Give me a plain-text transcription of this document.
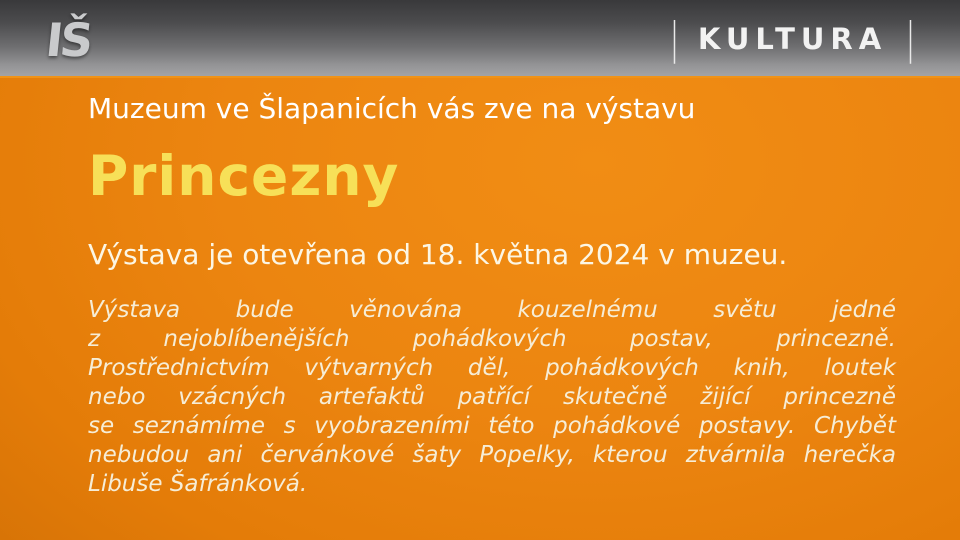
IŠ	| KULTURA |
Muzeum ve Šlapanicích vás zve na výstavu
Princezny
Výstava je otevřena od 18. května 2024 v muzeu.
Výstava bude věnována kouzelnému světu jedné
z nejoblíbenějších pohádkových postav, princezně.
Prostřednictvím výtvarných děl, pohádkových knih, loutek
nebo vzácných artefaktů patřící skutečně žijící princezně
se seznámíme s vyobrazeními této pohádkové postavy. Chybět
nebudou ani červánkové šaty Popelky, kterou ztvárnila herečka
Libuše Šafránková.
